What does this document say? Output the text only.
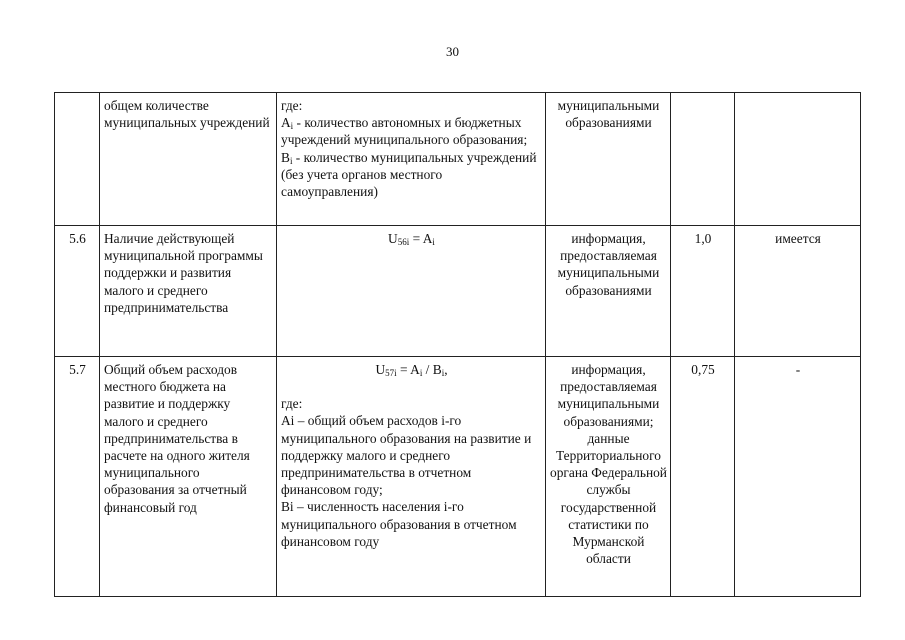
30
	общем количестве муниципальных учреждений	где:
$A_i$ - количество автономных и бюджетных учреждений муниципального образования;
$B_i$ - количество муниципальных учреждений (без учета органов местного самоуправления)	муниципальными образованиями		
5.6	Наличие действующей муниципальной программы поддержки и развития малого и среднего предпринимательства	$U_{56i} = A_i$	информация, предоставляемая муниципальными образованиями	1,0	имеется
5.7	Общий объем расходов местного бюджета на развитие и поддержку малого и среднего предпринимательства в расчете на одного жителя муниципального образования за отчетный финансовый год	$U_{57i} = A_i / B_i$,
где:
Ai – общий объем расходов i-го муниципального образования на развитие и поддержку малого и среднего предпринимательства в отчетном финансовом году;
Bi – численность населения i-го муниципального образования в отчетном финансовом году	информация, предоставляемая муниципальными образованиями; данные Территориального органа Федеральной службы государственной статистики по Мурманской области	0,75	-
